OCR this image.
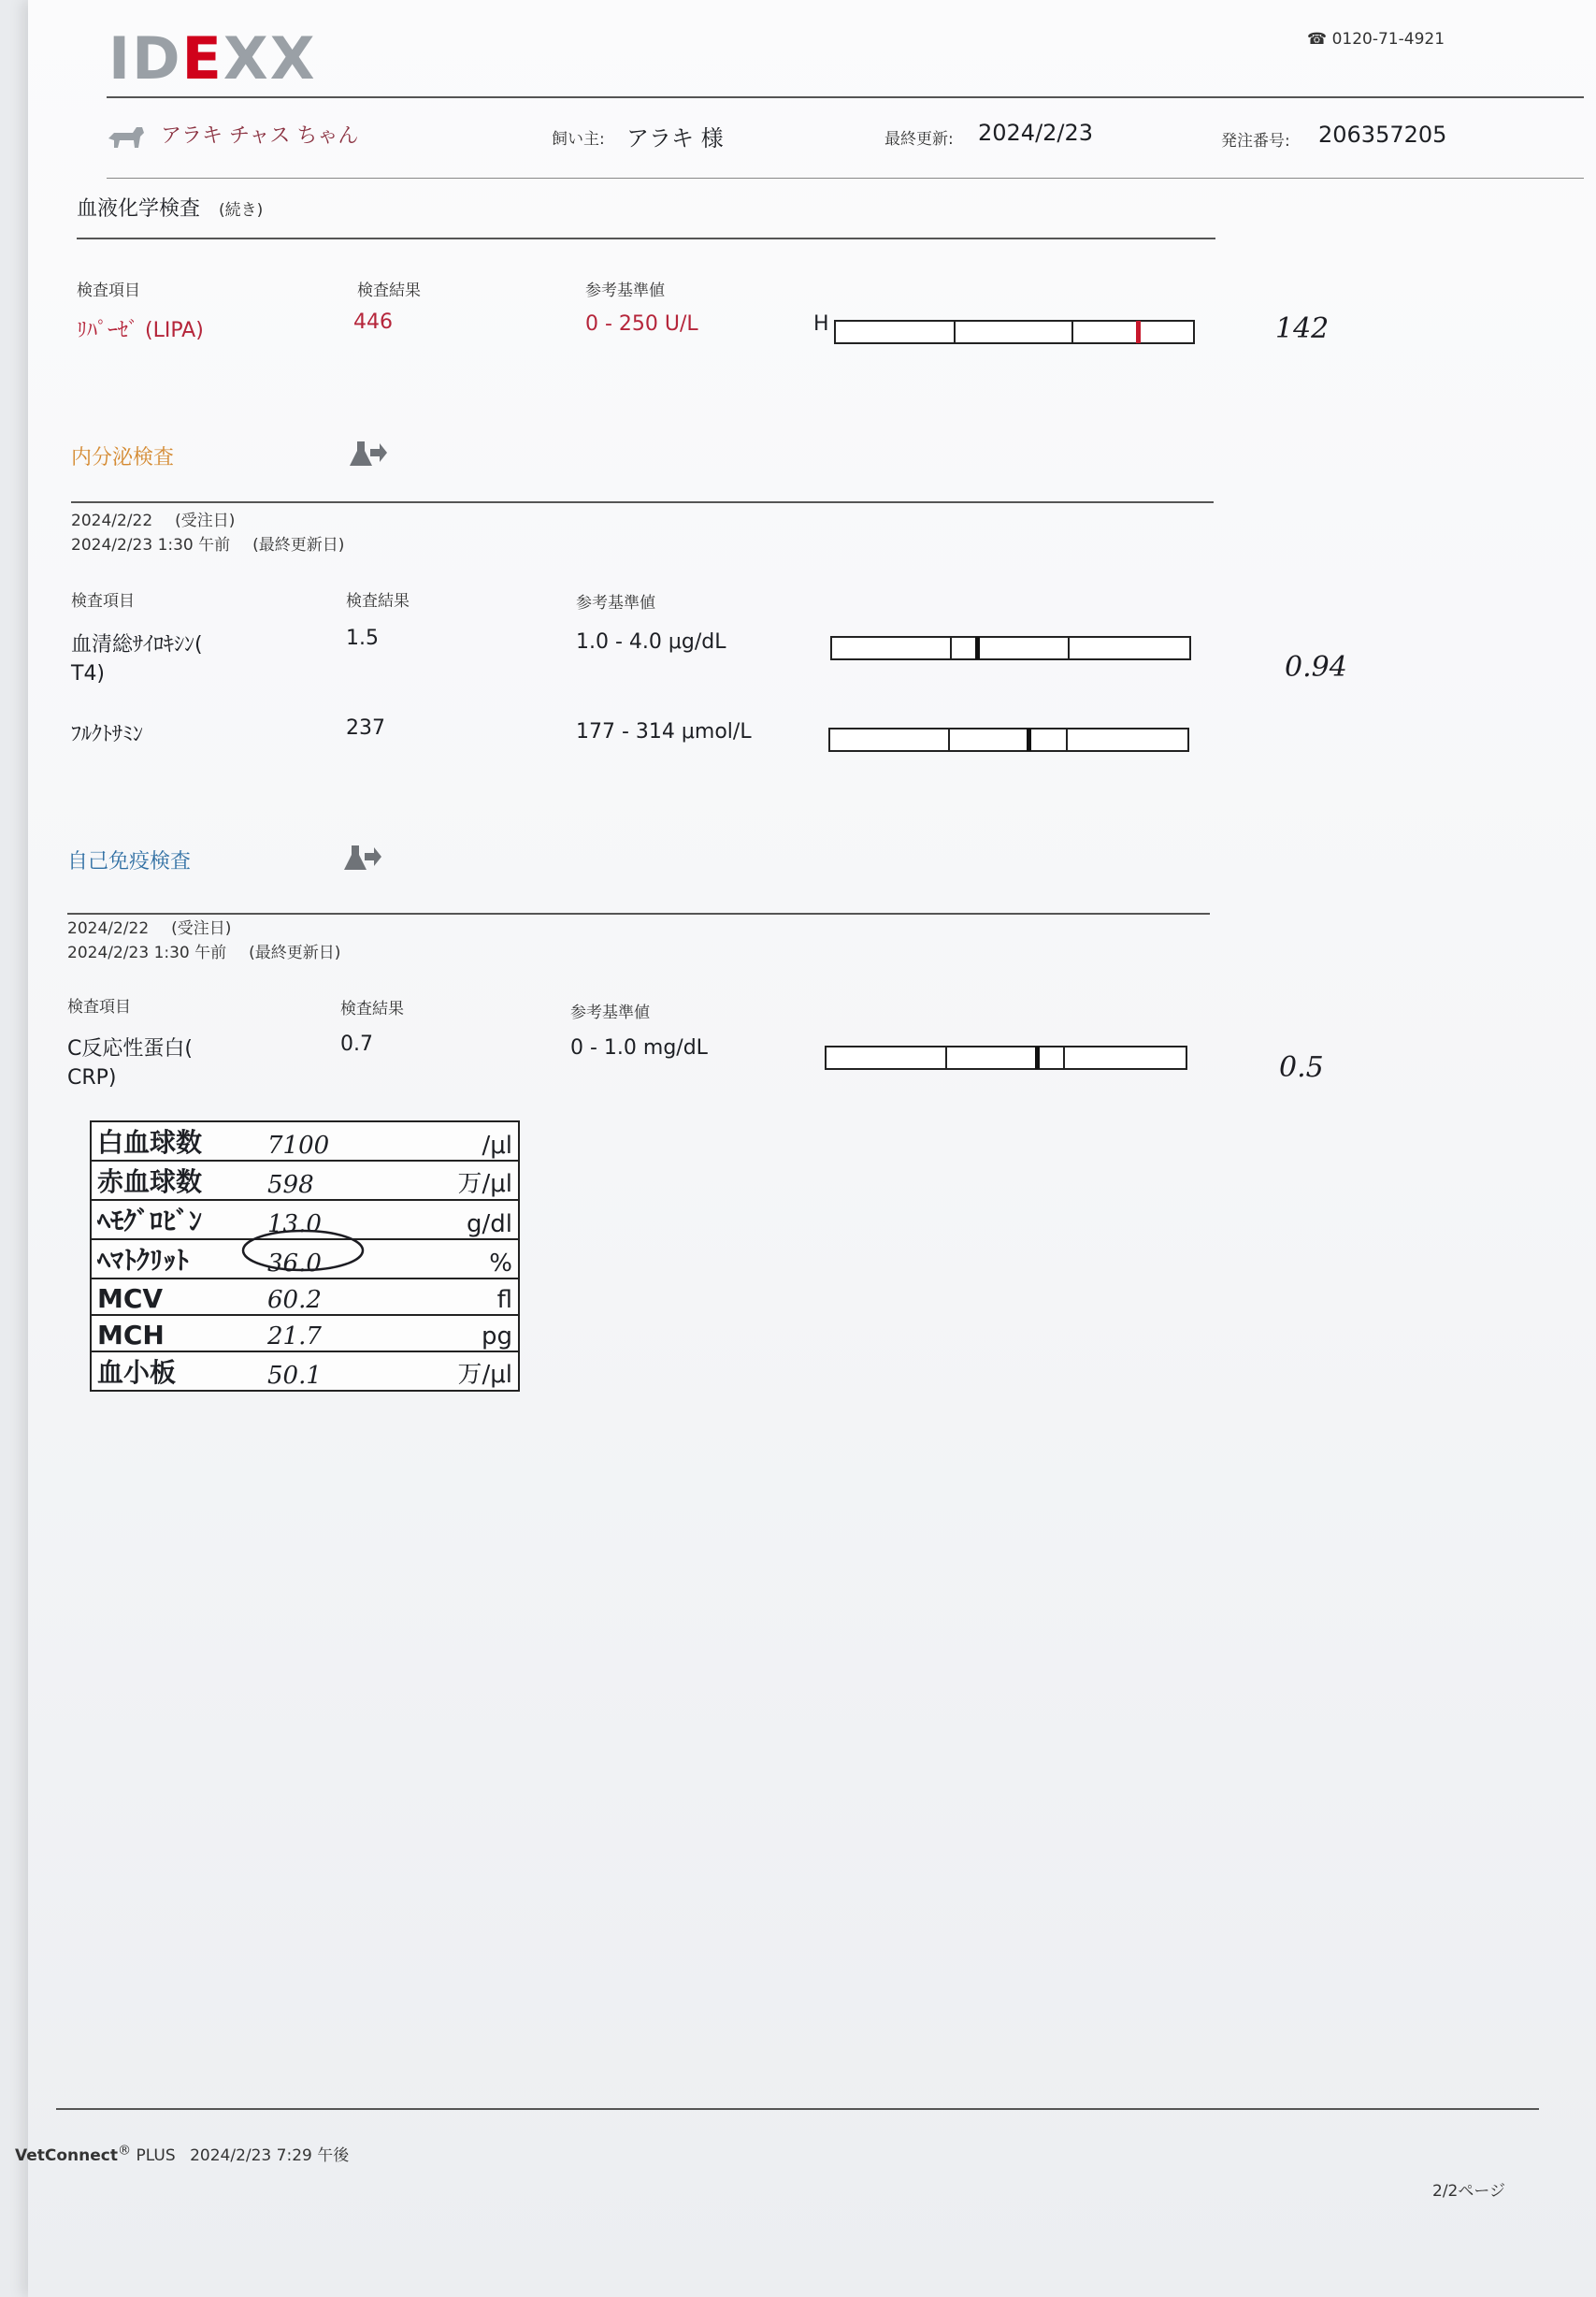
IDEXX	☎ 0120-71-4921
アラキ チャス ちゃん	飼い主: アラキ 様	最終更新: 2024/2/23	発注番号: 206357205
血液化学検査 (続き)
検査項目	検査結果	参考基準値
ﾘﾊﾟｰｾﾞ (LIPA)	446	0 - 250 U/L	H	142
内分泌検査
2024/2/22 (受注日)
2024/2/23 1:30 午前 (最終更新日)
検査項目	検査結果	参考基準値
血清総ｻｲﾛｷｼﾝ(
T4)
1.5	1.0 - 4.0 μg/dL
ﾌﾙｸﾄｻﾐﾝ	237	177 - 314 μmol/L
0.94
自己免疫検査
2024/2/22 (受注日)
2024/2/23 1:30 午前 (最終更新日)
検査項目	検査結果	参考基準値
C反応性蛋白(
CRP)
0.7	0 - 1.0 mg/dL
0.5
白血球数	7100	/μl
赤血球数	598	万/μl
ﾍﾓｸﾞﾛﾋﾞﾝ	13.0	g/dl
ﾍﾏﾄｸﾘｯﾄ	36.0	%
MCV	60.2	fl
MCH	21.7	pg
血小板	50.1	万/μl
VetConnect® PLUS 2024/2/23 7:29 午後
2/2ページ
